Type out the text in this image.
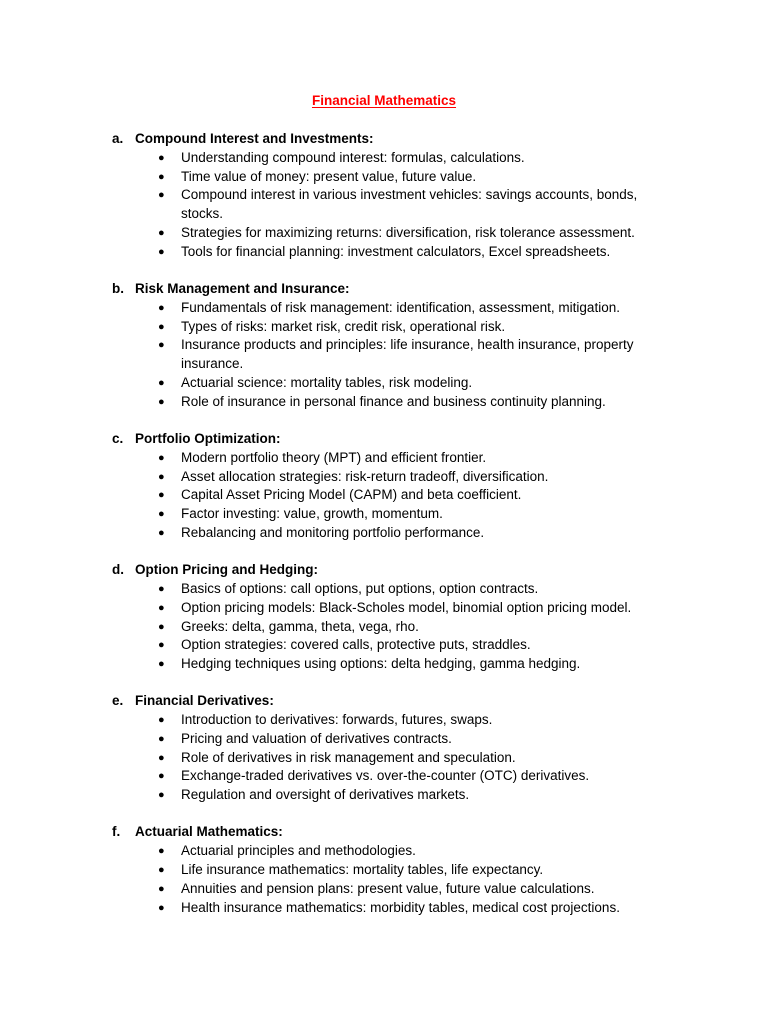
Financial Mathematics
a. Compound Interest and Investments:
● Understanding compound interest: formulas, calculations.
● Time value of money: present value, future value.
● Compound interest in various investment vehicles: savings accounts, bonds, stocks.
● Strategies for maximizing returns: diversification, risk tolerance assessment.
● Tools for financial planning: investment calculators, Excel spreadsheets.
b. Risk Management and Insurance:
● Fundamentals of risk management: identification, assessment, mitigation.
● Types of risks: market risk, credit risk, operational risk.
● Insurance products and principles: life insurance, health insurance, property insurance.
● Actuarial science: mortality tables, risk modeling.
● Role of insurance in personal finance and business continuity planning.
c. Portfolio Optimization:
● Modern portfolio theory (MPT) and efficient frontier.
● Asset allocation strategies: risk-return tradeoff, diversification.
● Capital Asset Pricing Model (CAPM) and beta coefficient.
● Factor investing: value, growth, momentum.
● Rebalancing and monitoring portfolio performance.
d. Option Pricing and Hedging:
● Basics of options: call options, put options, option contracts.
● Option pricing models: Black-Scholes model, binomial option pricing model.
● Greeks: delta, gamma, theta, vega, rho.
● Option strategies: covered calls, protective puts, straddles.
● Hedging techniques using options: delta hedging, gamma hedging.
e. Financial Derivatives:
● Introduction to derivatives: forwards, futures, swaps.
● Pricing and valuation of derivatives contracts.
● Role of derivatives in risk management and speculation.
● Exchange-traded derivatives vs. over-the-counter (OTC) derivatives.
● Regulation and oversight of derivatives markets.
f.	Actuarial Mathematics:
● Actuarial principles and methodologies.
● Life insurance mathematics: mortality tables, life expectancy.
● Annuities and pension plans: present value, future value calculations.
● Health insurance mathematics: morbidity tables, medical cost projections.
